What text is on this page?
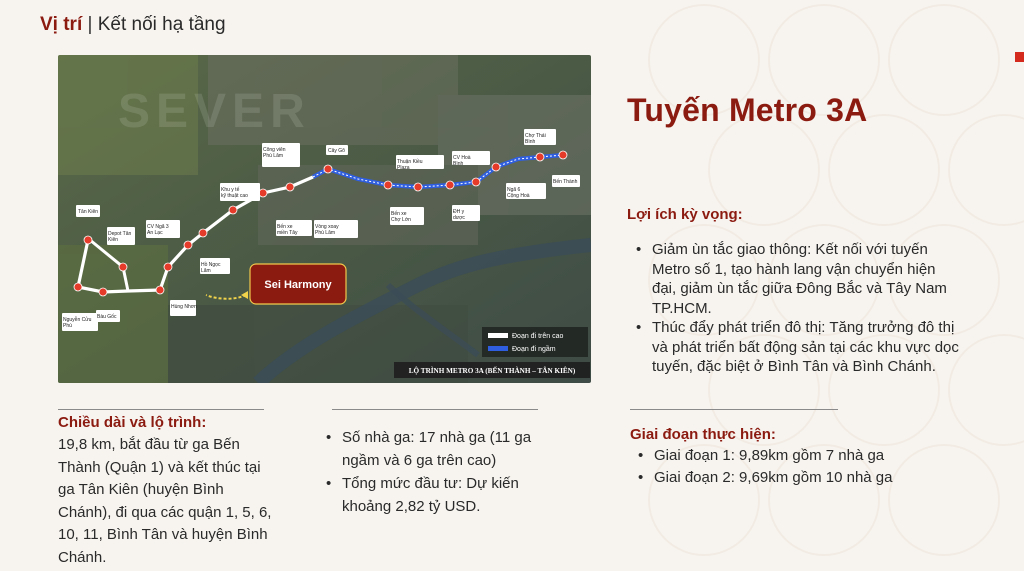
Vị trí | Kết nối hạ tầng
SEVER
Tân Kiên
Depot Tân Kiên
Nguyễn Cửu Phú
Bàu Gốc
CV Ngã 3 An Lạc
Hùng Nhơn
Hồ Ngọc Lãm
Khu y tế kỹ thuật cao
Công viên Phú Lâm
Bến xe miền Tây
Cây Gõ
Vòng xoay Phú Lâm
Bến xe Chợ Lớn
Thuận Kiều Plaza
CV Hoà Bình
ĐH y dược
Chợ Thái Bình
Ngã 6 Cộng Hoà
Bến Thành
Sei Harmony
Đoạn đi trên cao
Đoạn đi ngầm
LỘ TRÌNH METRO 3A (BẾN THÀNH – TÂN KIÊN)
Tuyến Metro 3A
Lợi ích kỳ vọng:
• Giảm ùn tắc giao thông: Kết nối với tuyến Metro số 1, tạo hành lang vận chuyển hiện đại, giảm ùn tắc giữa Đông Bắc và Tây Nam TP.HCM.
• Thúc đẩy phát triển đô thị: Tăng trưởng đô thị và phát triển bất động sản tại các khu vực dọc tuyến, đặc biệt ở Bình Tân và Bình Chánh.
Chiều dài và lộ trình:
19,8 km, bắt đầu từ ga Bến Thành (Quận 1) và kết thúc tại ga Tân Kiên (huyện Bình Chánh), đi qua các quận 1, 5, 6, 10, 11, Bình Tân và huyện Bình Chánh.
• Số nhà ga: 17 nhà ga (11 ga ngầm và 6 ga trên cao)
• Tổng mức đầu tư: Dự kiến khoảng 2,82 tỷ USD.
Giai đoạn thực hiện:
• Giai đoạn 1: 9,89km gồm 7 nhà ga
• Giai đoạn 2: 9,69km gồm 10 nhà ga
